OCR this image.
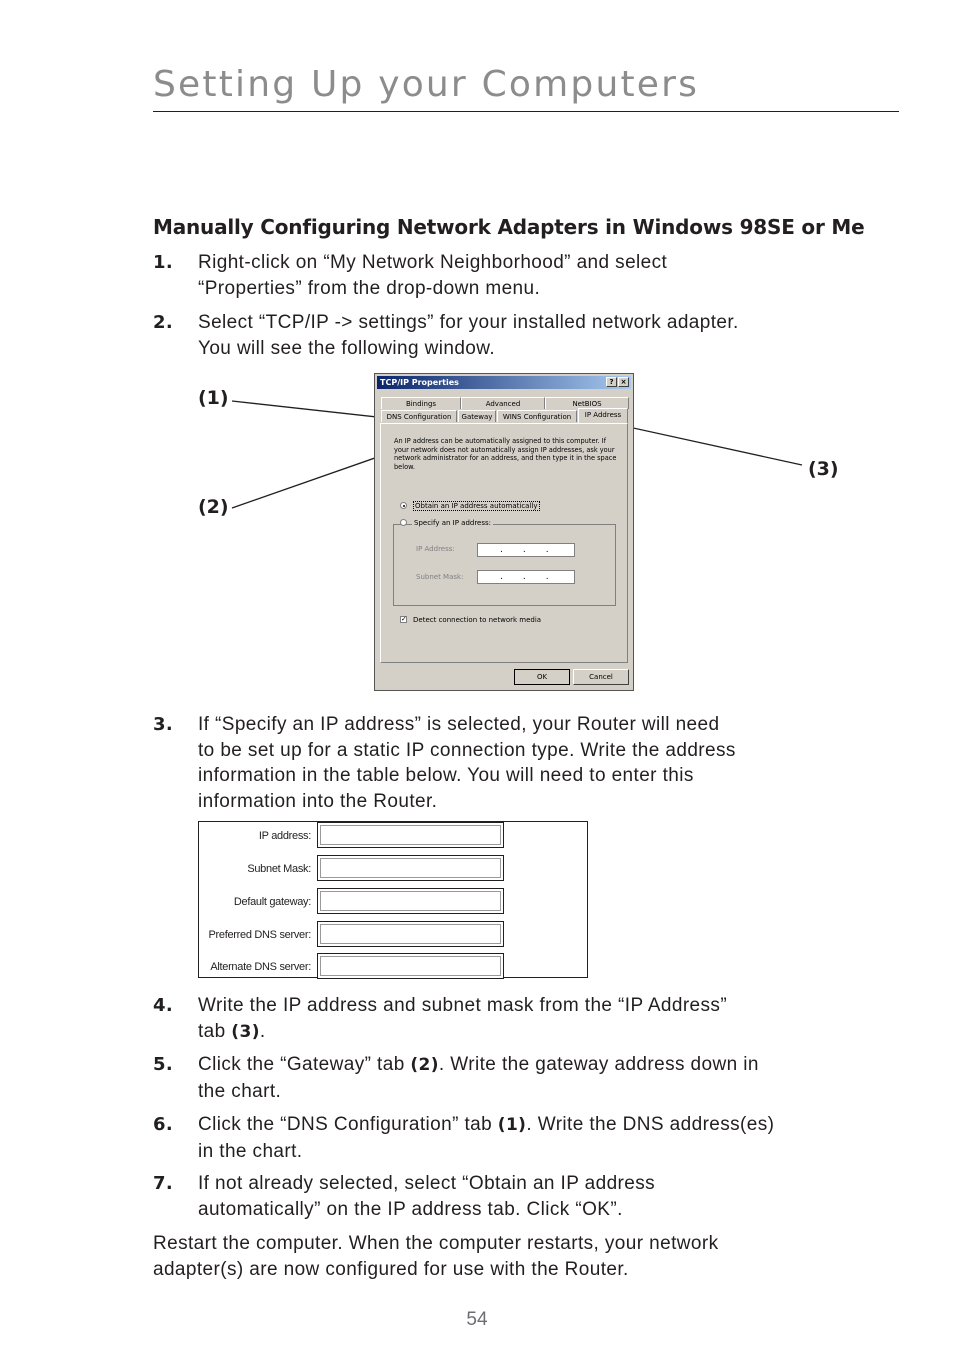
Setting Up your Computers
Manually Configuring Network Adapters in Windows 98SE or Me
1. Right-click on “My Network Neighborhood” and select
“Properties” from the drop-down menu.
2. Select “TCP/IP -> settings” for your installed network adapter.
You will see the following window.
(1)
(2)
(3)
TCP/IP Properties	?	×
Bindings	Advanced	NetBIOS
DNS Configuration	Gateway	WINS Configuration	IP Address
An IP address can be automatically assigned to this computer. If your network does not automatically assign IP addresses, ask your network administrator for an address, and then type it in the space below.
Obtain an IP address automatically
Specify an IP address:
IP Address:	...
Subnet Mask:	...
✓ Detect connection to network media
OK	Cancel
3. If “Specify an IP address” is selected, your Router will need
to be set up for a static IP connection type. Write the address
information in the table below. You will need to enter this
information into the Router.
IP address:
Subnet Mask:
Default gateway:
Preferred DNS server:
Alternate DNS server:
4. Write the IP address and subnet mask from the “IP Address”
tab (3).
5. Click the “Gateway” tab (2). Write the gateway address down in
the chart.
6. Click the “DNS Configuration” tab (1). Write the DNS address(es)
in the chart.
7. If not already selected, select “Obtain an IP address
automatically” on the IP address tab. Click “OK”.
Restart the computer. When the computer restarts, your network
adapter(s) are now configured for use with the Router.
54
